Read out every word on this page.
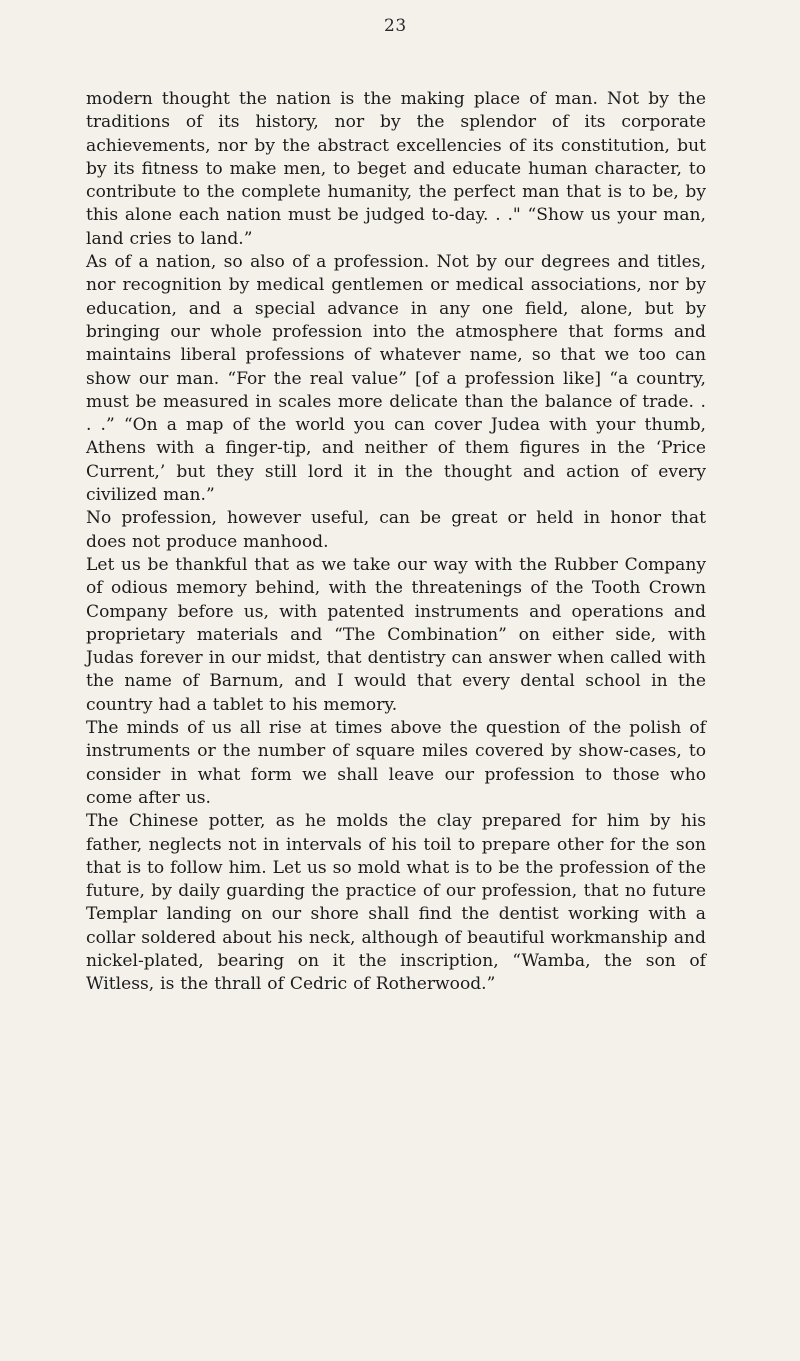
23

modern thought the nation is the making place of man. Not by the traditions of its history, nor by the splendor of its corporate achievements, nor by the abstract excellencies of its constitution, but by its fitness to make men, to beget and educate human character, to contribute to the complete humanity, the perfect man that is to be, by this alone each nation must be judged to-day. . ." “Show us your man, land cries to land.”

As of a nation, so also of a profession. Not by our degrees and titles, nor recognition by medical gentlemen or medical associations, nor by education, and a special advance in any one field, alone, but by bringing our whole profession into the atmosphere that forms and maintains liberal professions of whatever name, so that we too can show our man. “For the real value” [of a profession like] “a country, must be measured in scales more delicate than the balance of trade. . . .” “On a map of the world you can cover Judea with your thumb, Athens with a finger-tip, and neither of them figures in the ‘Price Current,’ but they still lord it in the thought and action of every civilized man.”

No profession, however useful, can be great or held in honor that does not produce manhood.

Let us be thankful that as we take our way with the Rubber Company of odious memory behind, with the threatenings of the Tooth Crown Company before us, with patented instruments and operations and proprietary materials and “The Combination” on either side, with Judas forever in our midst, that dentistry can answer when called with the name of Barnum, and I would that every dental school in the country had a tablet to his memory.

The minds of us all rise at times above the question of the polish of instruments or the number of square miles covered by show-cases, to consider in what form we shall leave our profession to those who come after us.

The Chinese potter, as he molds the clay prepared for him by his father, neglects not in intervals of his toil to prepare other for the son that is to follow him. Let us so mold what is to be the profession of the future, by daily guarding the practice of our profession, that no future Templar landing on our shore shall find the dentist working with a collar soldered about his neck, although of beautiful workmanship and nickel-plated, bearing on it the inscription, “Wamba, the son of Witless, is the thrall of Cedric of Rotherwood.”
